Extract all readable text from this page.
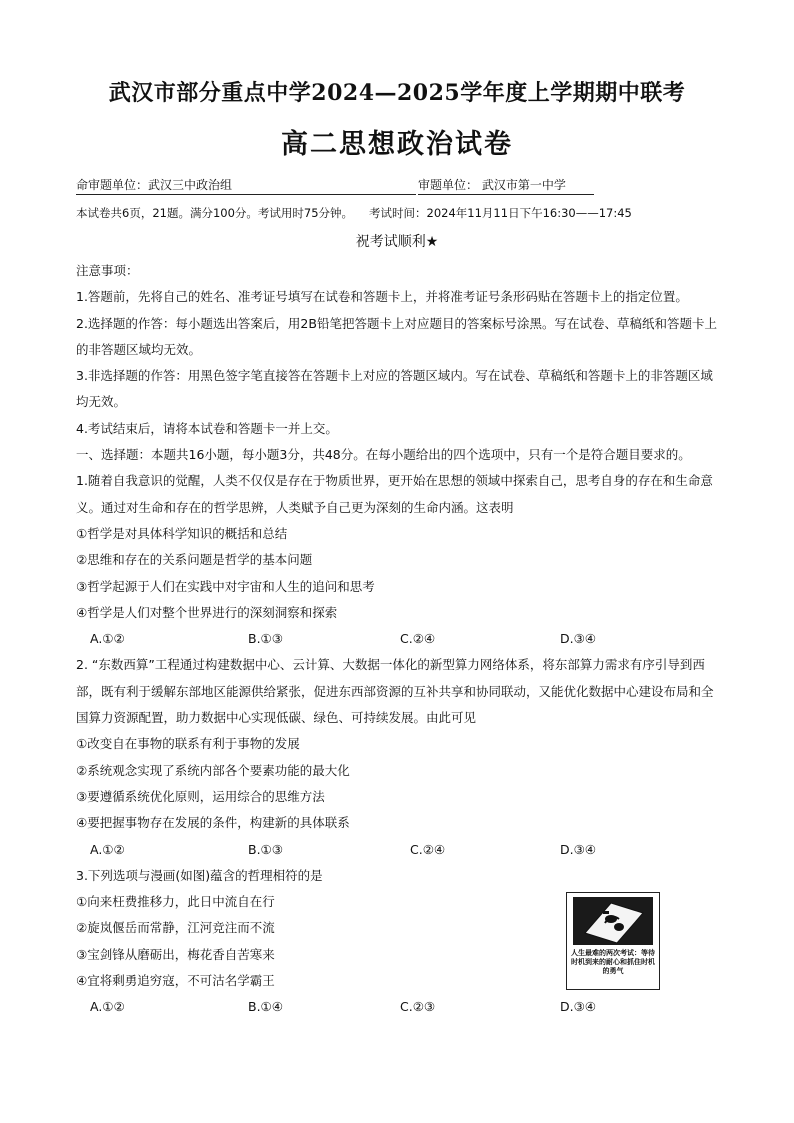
武汉市部分重点中学2024—2025学年度上学期期中联考
高二思想政治试卷
命审题单位：武汉三中政治组	审题单位： 武汉市第一中学
本试卷共6页，21题。满分100分。考试用时75分钟。 考试时间：2024年11月11日下午16:30——17:45
祝考试顺利★
注意事项：
1.答题前，先将自己的姓名、准考证号填写在试卷和答题卡上，并将准考证号条形码贴在答题卡上的指定位置。
2.选择题的作答：每小题选出答案后，用2B铅笔把答题卡上对应题目的答案标号涂黑。写在试卷、草稿纸和答题卡上的非答题区域均无效。
3.非选择题的作答：用黑色签字笔直接答在答题卡上对应的答题区域内。写在试卷、草稿纸和答题卡上的非答题区域均无效。
4.考试结束后，请将本试卷和答题卡一并上交。
一、选择题：本题共16小题，每小题3分，共48分。在每小题给出的四个选项中，只有一个是符合题目要求的。
1.随着自我意识的觉醒，人类不仅仅是存在于物质世界，更开始在思想的领域中探索自己，思考自身的存在和生命意义。通过对生命和存在的哲学思辨，人类赋予自己更为深刻的生命内涵。这表明
①哲学是对具体科学知识的概括和总结
②思维和存在的关系问题是哲学的基本问题
③哲学起源于人们在实践中对宇宙和人生的追问和思考
④哲学是人们对整个世界进行的深刻洞察和探索
A.①②	B.①③	C.②④	D.③④
2. “东数西算”工程通过构建数据中心、云计算、大数据一体化的新型算力网络体系，将东部算力需求有序引导到西部，既有利于缓解东部地区能源供给紧张，促进东西部资源的互补共享和协同联动，又能优化数据中心建设布局和全国算力资源配置，助力数据中心实现低碳、绿色、可持续发展。由此可见
①改变自在事物的联系有利于事物的发展
②系统观念实现了系统内部各个要素功能的最大化
③要遵循系统优化原则，运用综合的思维方法
④要把握事物存在发展的条件，构建新的具体联系
A.①②	B.①③	C.②④	D.③④
3.下列选项与漫画(如图)蕴含的哲理相符的是
①向来枉费推移力，此日中流自在行
②旋岚偃岳而常静，江河竞注而不流
③宝剑锋从磨砺出，梅花香自苦寒来
④宜将剩勇追穷寇，不可沽名学霸王
A.①②	B.①④	C.②③	D.③④
人生最难的两次考试：等待时机到来的耐心和抓住时机的勇气
